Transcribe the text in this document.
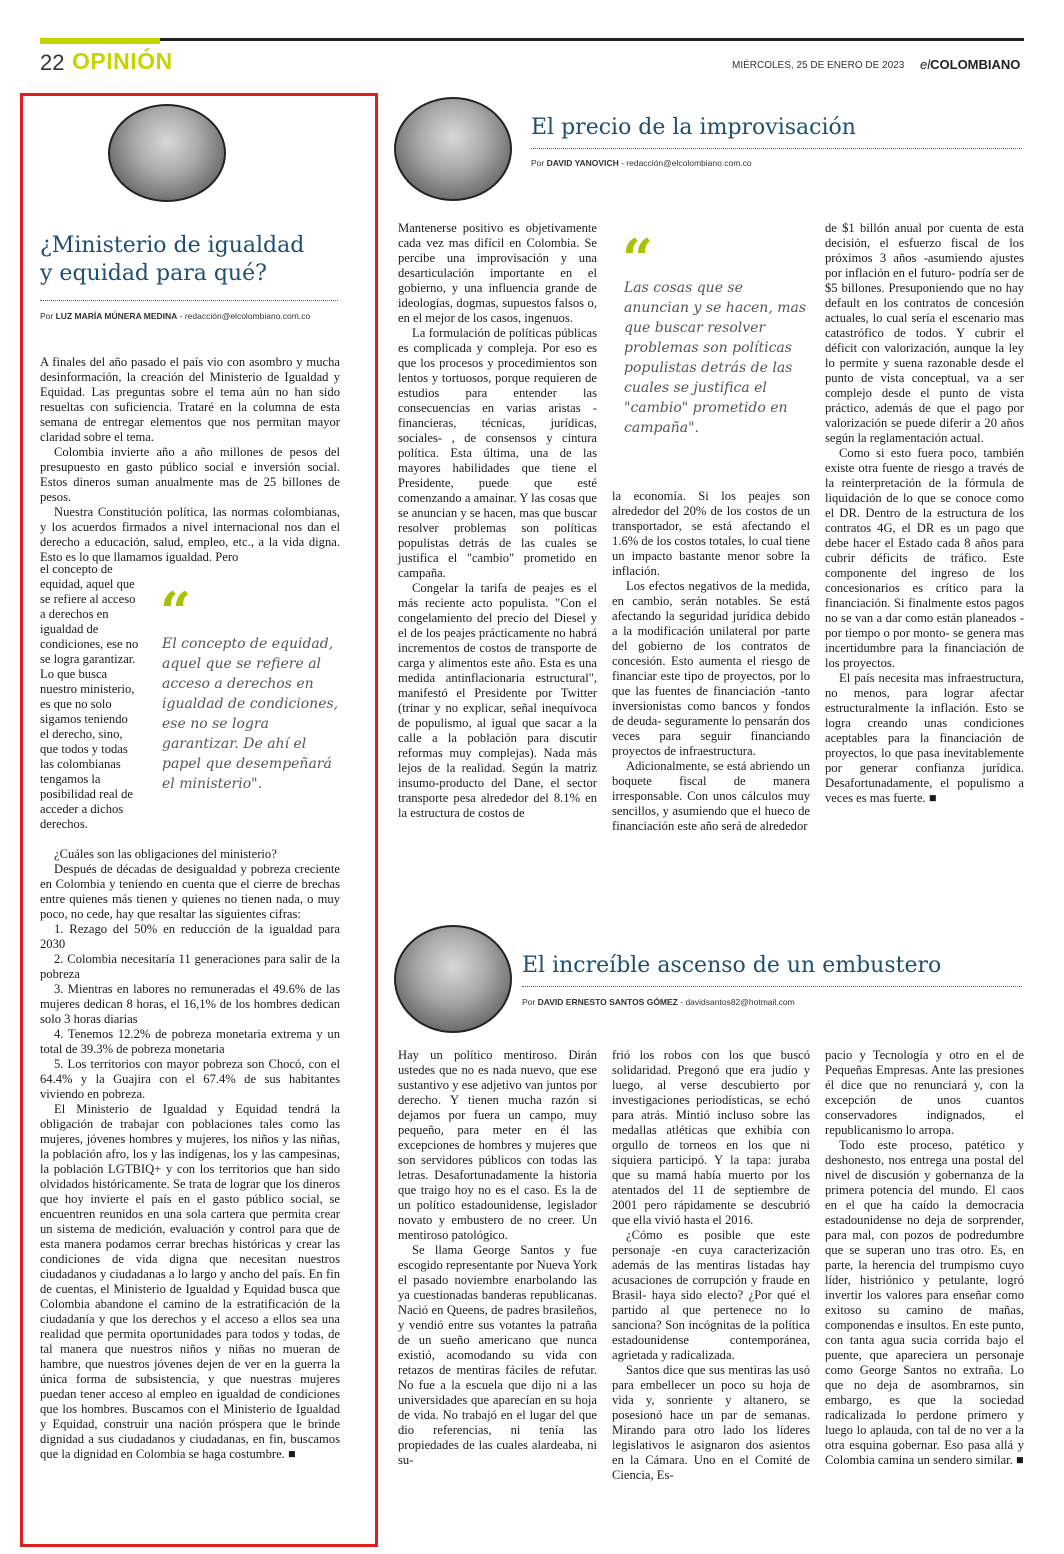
22 OPINIÓN	MIÉRCOLES, 25 DE ENERO DE 2023 elCOLOMBIANO
¿Ministerio de igualdad
y equidad para qué?
Por LUZ MARÍA MÚNERA MEDINA - redacción@elcolombiano.com.co

A finales del año pasado el país vio con asombro y mucha desinformación, la creación del Ministerio de Igualdad y Equidad. Las preguntas sobre el tema aún no han sido resueltas con suficiencia. Trataré en la columna de esta semana de entregar elementos que nos permitan mayor claridad sobre el tema.

Colombia invierte año a año millones de pesos del presupuesto en gasto público social e inversión social. Estos dineros suman anualmente mas de 25 billones de pesos.

Nuestra Constitución política, las normas colombianas, y los acuerdos firmados a nivel internacional nos dan el derecho a educación, salud, empleo, etc., a la vida digna. Esto es lo que llamamos igualdad. Pero

el concepto de equidad, aquel que se refiere al acceso a derechos en igualdad de condiciones, ese no se logra garantizar. Lo que busca nuestro ministerio, es que no solo sigamos teniendo el derecho, sino, que todos y todas las colombianas tengamos la posibilidad real de acceder a dichos derechos.

“
El concepto de equidad, aquel que se refiere al acceso a derechos en igualdad de condiciones, ese no se logra garantizar. De ahí el papel que desempeñará el ministerio".

¿Cuáles son las obligaciones del ministerio?

Después de décadas de desigualdad y pobreza creciente en Colombia y teniendo en cuenta que el cierre de brechas entre quienes más tienen y quienes no tienen nada, o muy poco, no cede, hay que resaltar las siguientes cifras:

1. Rezago del 50% en reducción de la igualdad para 2030

2. Colombia necesitaría 11 generaciones para salir de la pobreza

3. Mientras en labores no remuneradas el 49.6% de las mujeres dedican 8 horas, el 16,1% de los hombres dedican solo 3 horas diarias

4. Tenemos 12.2% de pobreza monetaria extrema y un total de 39.3% de pobreza monetaria

5. Los territorios con mayor pobreza son Chocó, con el 64.4% y la Guajira con el 67.4% de sus habitantes viviendo en pobreza.

El Ministerio de Igualdad y Equidad tendrá la obligación de trabajar con poblaciones tales como las mujeres, jóvenes hombres y mujeres, los niños y las niñas, la población afro, los y las indígenas, los y las campesinas, la población LGTBIQ+ y con los territorios que han sido olvidados históricamente. Se trata de lograr que los dineros que hoy invierte el país en el gasto público social, se encuentren reunidos en una sola cartera que permita crear un sistema de medición, evaluación y control para que de esta manera podamos cerrar brechas históricas y crear las condiciones de vida digna que necesitan nuestros ciudadanos y ciudadanas a lo largo y ancho del país. En fin de cuentas, el Ministerio de Igualdad y Equidad busca que Colombia abandone el camino de la estratificación de la ciudadanía y que los derechos y el acceso a ellos sea una realidad que permita oportunidades para todos y todas, de tal manera que nuestros niños y niñas no mueran de hambre, que nuestros jóvenes dejen de ver en la guerra la única forma de subsistencia, y que nuestras mujeres puedan tener acceso al empleo en igualdad de condiciones que los hombres. Buscamos con el Ministerio de Igualdad y Equidad, construir una nación próspera que le brinde dignidad a sus ciudadanos y ciudadanas, en fin, buscamos que la dignidad en Colombia se haga costumbre. ■

El precio de la improvisación
Por DAVID YANOVICH - redacción@elcolombiano.com.co

Mantenerse positivo es objetivamente cada vez mas difícil en Colombia. Se percibe una improvisación y una desarticulación importante en el gobierno, y una influencia grande de ideologías, dogmas, supuestos falsos o, en el mejor de los casos, ingenuos.

La formulación de políticas públicas es complicada y compleja. Por eso es que los procesos y procedimientos son lentos y tortuosos, porque requieren de estudios para entender las consecuencias en varias aristas -financieras, técnicas, jurídicas, sociales- , de consensos y cintura política. Esta última, una de las mayores habilidades que tiene el Presidente, puede que esté comenzando a amainar. Y las cosas que se anuncian y se hacen, mas que buscar resolver problemas son políticas populistas detrás de las cuales se justifica el "cambio" prometido en campaña.

Congelar la tarifa de peajes es el más reciente acto populista. "Con el congelamiento del precio del Diesel y el de los peajes prácticamente no habrá incrementos de costos de transporte de carga y alimentos este año. Esta es una medida antinflacionaria estructural", manifestó el Presidente por Twitter (trinar y no explicar, señal inequívoca de populismo, al igual que sacar a la calle a la población para discutir reformas muy complejas). Nada más lejos de la realidad. Según la matriz insumo-producto del Dane, el sector transporte pesa alrededor del 8.1% en la estructura de costos de

“
Las cosas que se anuncian y se hacen, mas que buscar resolver problemas son políticas populistas detrás de las cuales se justifica el "cambio" prometido en campaña".

la economía. Si los peajes son alrededor del 20% de los costos de un transportador, se está afectando el 1.6% de los costos totales, lo cual tiene un impacto bastante menor sobre la inflación.

Los efectos negativos de la medida, en cambio, serán notables. Se está afectando la seguridad jurídica debido a la modificación unilateral por parte del gobierno de los contratos de concesión. Esto aumenta el riesgo de financiar este tipo de proyectos, por lo que las fuentes de financiación -tanto inversionistas como bancos y fondos de deuda- seguramente lo pensarán dos veces para seguir financiando proyectos de infraestructura.

Adicionalmente, se está abriendo un boquete fiscal de manera irresponsable. Con unos cálculos muy sencillos, y asumiendo que el hueco de financiación este año será de alrededor

de $1 billón anual por cuenta de esta decisión, el esfuerzo fiscal de los próximos 3 años -asumiendo ajustes por inflación en el futuro- podría ser de $5 billones. Presuponiendo que no hay default en los contratos de concesión actuales, lo cual sería el escenario mas catastrófico de todos. Y cubrir el déficit con valorización, aunque la ley lo permite y suena razonable desde el punto de vista conceptual, va a ser complejo desde el punto de vista práctico, además de que el pago por valorización se puede diferir a 20 años según la reglamentación actual.

Como si esto fuera poco, también existe otra fuente de riesgo a través de la reinterpretación de la fórmula de liquidación de lo que se conoce como el DR. Dentro de la estructura de los contratos 4G, el DR es un pago que debe hacer el Estado cada 8 años para cubrir déficits de tráfico. Este componente del ingreso de los concesionarios es crítico para la financiación. Si finalmente estos pagos no se van a dar como están planeados -por tiempo o por monto- se genera mas incertidumbre para la financiación de los proyectos.

El país necesita mas infraestructura, no menos, para lograr afectar estructuralmente la inflación. Esto se logra creando unas condiciones aceptables para la financiación de proyectos, lo que pasa inevitablemente por generar confianza jurídica. Desafortunadamente, el populismo a veces es mas fuerte. ■

El increíble ascenso de un embustero
Por DAVID ERNESTO SANTOS GÓMEZ - davidsantos82@hotmail.com

Hay un político mentiroso. Dirán ustedes que no es nada nuevo, que ese sustantivo y ese adjetivo van juntos por derecho. Y tienen mucha razón si dejamos por fuera un campo, muy pequeño, para meter en él las excepciones de hombres y mujeres que son servidores públicos con todas las letras. Desafortunadamente la historia que traigo hoy no es el caso. Es la de un político estadounidense, legislador novato y embustero de no creer. Un mentiroso patológico.

Se llama George Santos y fue escogido representante por Nueva York el pasado noviembre enarbolando las ya cuestionadas banderas republicanas. Nació en Queens, de padres brasileños, y vendió entre sus votantes la patraña de un sueño americano que nunca existió, acomodando su vida con retazos de mentiras fáciles de refutar. No fue a la escuela que dijo ni a las universidades que aparecían en su hoja de vida. No trabajó en el lugar del que dio referencias, ni tenía las propiedades de las cuales alardeaba, ni su-

frió los robos con los que buscó solidaridad. Pregonó que era judío y luego, al verse descubierto por investigaciones periodísticas, se echó para atrás. Mintió incluso sobre las medallas atléticas que exhibía con orgullo de torneos en los que ni siquiera participó. Y la tapa: juraba que su mamá había muerto por los atentados del 11 de septiembre de 2001 pero rápidamente se descubrió que ella vivió hasta el 2016.

¿Cómo es posible que este personaje -en cuya caracterización además de las mentiras listadas hay acusaciones de corrupción y fraude en Brasil- haya sido electo? ¿Por qué el partido al que pertenece no lo sanciona? Son incógnitas de la política estadounidense contemporánea, agrietada y radicalizada.

Santos dice que sus mentiras las usó para embellecer un poco su hoja de vida y, sonriente y altanero, se posesionó hace un par de semanas. Mirando para otro lado los líderes legislativos le asignaron dos asientos en la Cámara. Uno en el Comité de Ciencia, Es-

pacio y Tecnología y otro en el de Pequeñas Empresas. Ante las presiones él dice que no renunciará y, con la excepción de unos cuantos conservadores indignados, el republicanismo lo arropa.

Todo este proceso, patético y deshonesto, nos entrega una postal del nivel de discusión y gobernanza de la primera potencia del mundo. El caos en el que ha caído la democracia estadounidense no deja de sorprender, para mal, con pozos de podredumbre que se superan uno tras otro. Es, en parte, la herencia del trumpismo cuyo líder, histriónico y petulante, logró invertir los valores para enseñar como exitoso su camino de mañas, componendas e insultos. En este punto, con tanta agua sucia corrida bajo el puente, que apareciera un personaje como George Santos no extraña. Lo que no deja de asombrarnos, sin embargo, es que la sociedad radicalizada lo perdone primero y luego lo aplauda, con tal de no ver a la otra esquina gobernar. Eso pasa allá y Colombia camina un sendero similar. ■
